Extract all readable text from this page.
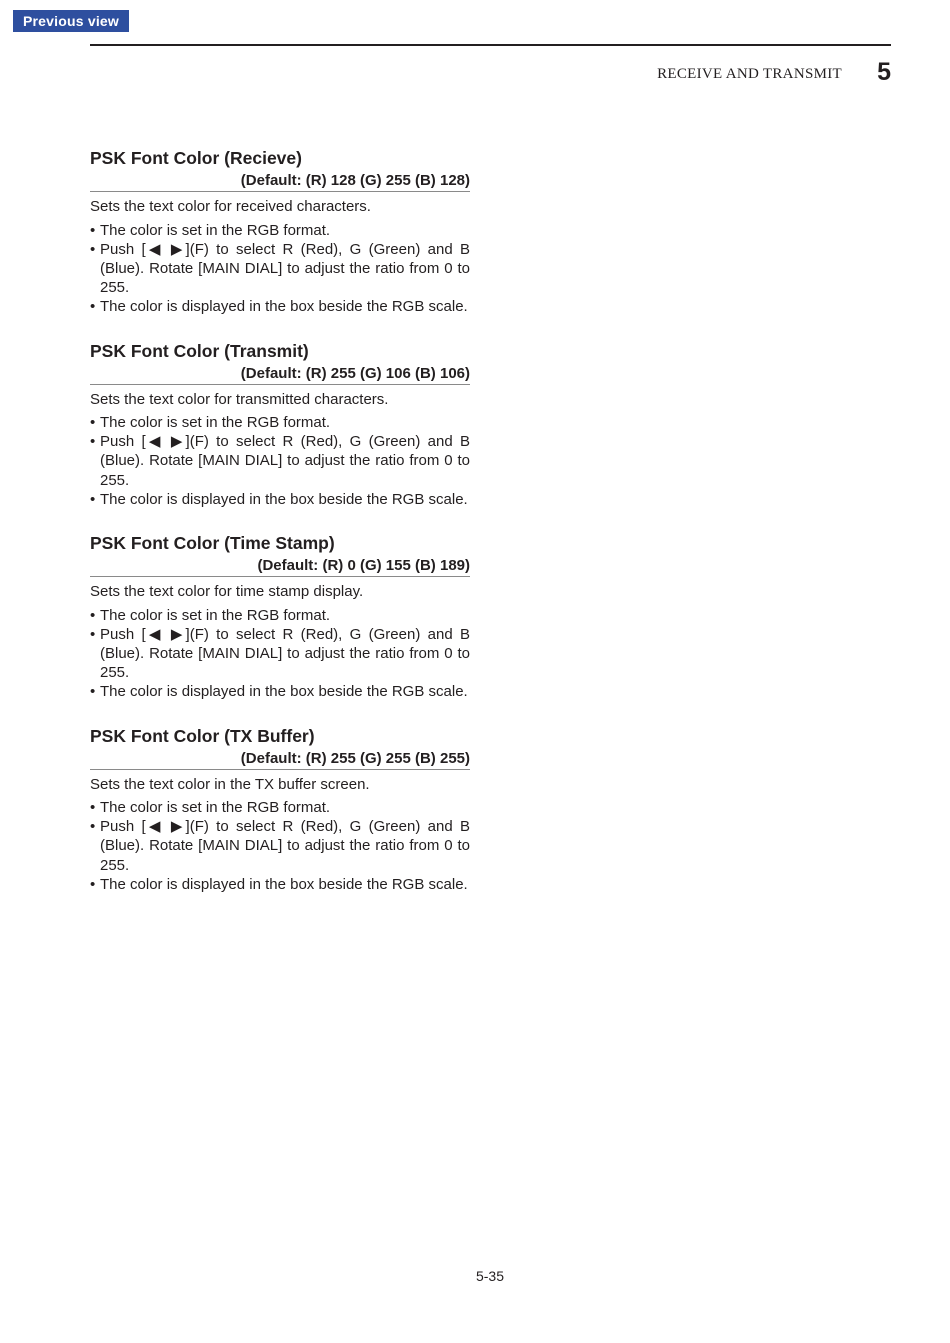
Previous view
RECEIVE AND TRANSMIT 5
PSK Font Color (Recieve)
(Default: (R) 128 (G) 255 (B) 128)
Sets the text color for received characters.
• The color is set in the RGB format.
• Push [◀ ▶](F) to select R (Red), G (Green) and B (Blue). Rotate [MAIN DIAL] to adjust the ratio from 0 to 255.
• The color is displayed in the box beside the RGB scale.
PSK Font Color (Transmit)
(Default: (R) 255 (G) 106 (B) 106)
Sets the text color for transmitted characters.
• The color is set in the RGB format.
• Push [◀ ▶](F) to select R (Red), G (Green) and B (Blue). Rotate [MAIN DIAL] to adjust the ratio from 0 to 255.
• The color is displayed in the box beside the RGB scale.
PSK Font Color (Time Stamp)
(Default: (R) 0 (G) 155 (B) 189)
Sets the text color for time stamp display.
• The color is set in the RGB format.
• Push [◀ ▶](F) to select R (Red), G (Green) and B (Blue). Rotate [MAIN DIAL] to adjust the ratio from 0 to 255.
• The color is displayed in the box beside the RGB scale.
PSK Font Color (TX Buffer)
(Default: (R) 255 (G) 255 (B) 255)
Sets the text color in the TX buffer screen.
• The color is set in the RGB format.
• Push [◀ ▶](F) to select R (Red), G (Green) and B (Blue). Rotate [MAIN DIAL] to adjust the ratio from 0 to 255.
• The color is displayed in the box beside the RGB scale.
5-35
